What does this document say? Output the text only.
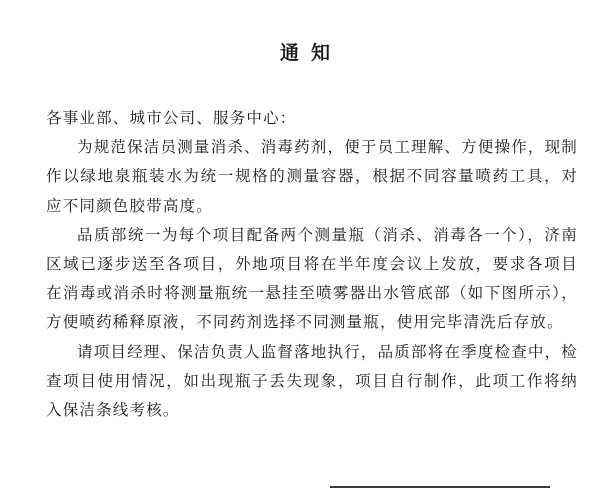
通知

各事业部、城市公司、服务中心：

为规范保洁员测量消杀、消毒药剂，便于员工理解、方便操作，现制作以绿地泉瓶装水为统一规格的测量容器，根据不同容量喷药工具，对应不同颜色胶带高度。

品质部统一为每个项目配备两个测量瓶（消杀、消毒各一个），济南区域已逐步送至各项目，外地项目将在半年度会议上发放，要求各项目在消毒或消杀时将测量瓶统一悬挂至喷雾器出水管底部（如下图所示），方便喷药稀释原液，不同药剂选择不同测量瓶，使用完毕清洗后存放。

请项目经理、保洁负责人监督落地执行，品质部将在季度检查中，检查项目使用情况，如出现瓶子丢失现象，项目自行制作，此项工作将纳入保洁条线考核。
